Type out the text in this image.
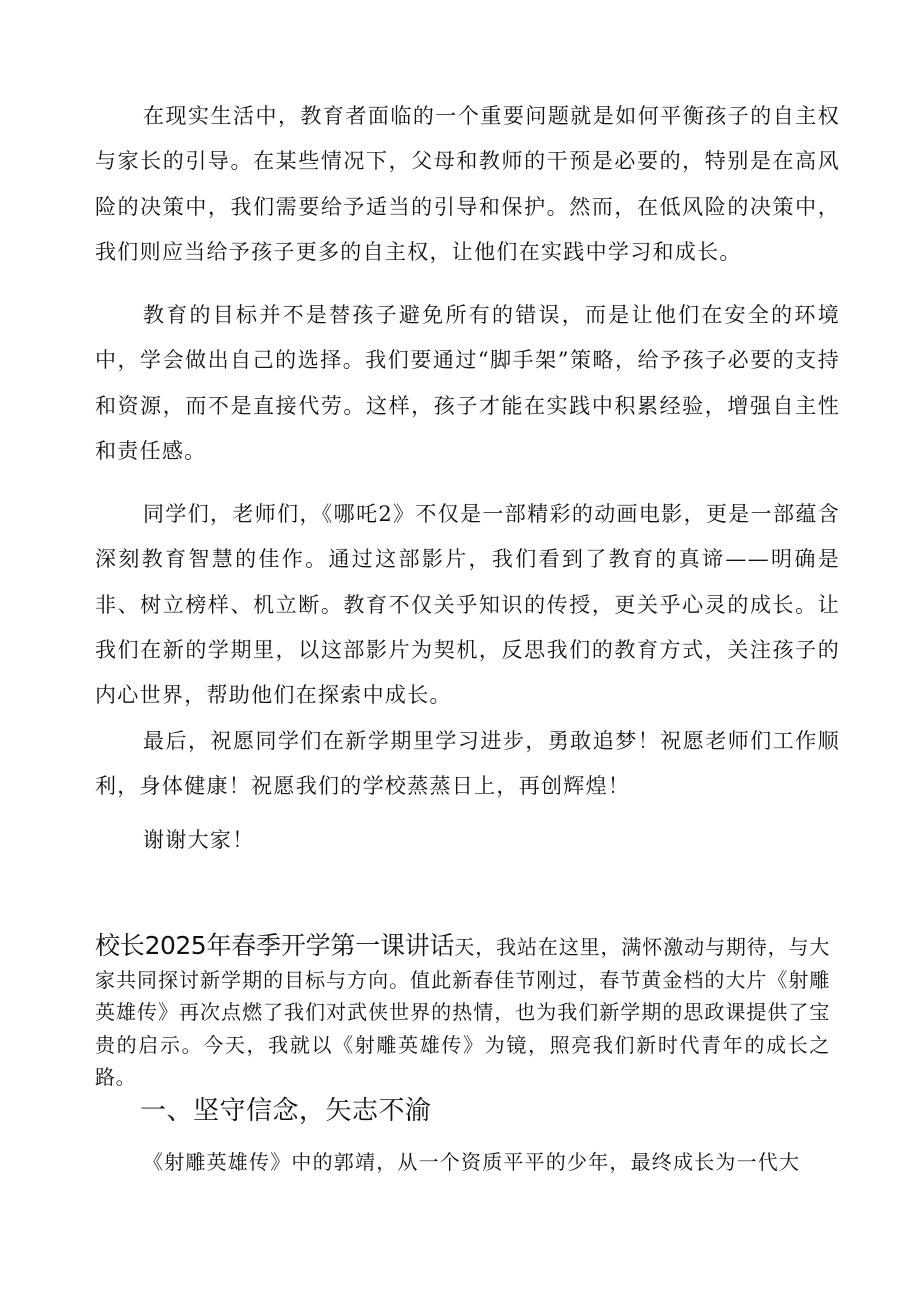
在现实生活中，教育者面临的一个重要问题就是如何平衡孩子的自主权与家长的引导。在某些情况下，父母和教师的干预是必要的，特别是在高风险的决策中，我们需要给予适当的引导和保护。然而，在低风险的决策中，我们则应当给予孩子更多的自主权，让他们在实践中学习和成长。

教育的目标并不是替孩子避免所有的错误，而是让他们在安全的环境中，学会做出自己的选择。我们要通过“脚手架”策略，给予孩子必要的支持和资源，而不是直接代劳。这样，孩子才能在实践中积累经验，增强自主性和责任感。

同学们，老师们，《哪吒2》不仅是一部精彩的动画电影，更是一部蕴含深刻教育智慧的佳作。通过这部影片，我们看到了教育的真谛——明确是非、树立榜样、机立断。教育不仅关乎知识的传授，更关乎心灵的成长。让我们在新的学期里，以这部影片为契机，反思我们的教育方式，关注孩子的内心世界，帮助他们在探索中成长。

最后，祝愿同学们在新学期里学习进步，勇敢追梦！祝愿老师们工作顺利，身体健康！祝愿我们的学校蒸蒸日上，再创辉煌！

谢谢大家！

校长2025年春季开学第一课讲话天，我站在这里，满怀激动与期待，与大家共同探讨新学期的目标与方向。值此新春佳节刚过，春节黄金档的大片《射雕英雄传》再次点燃了我们对武侠世界的热情，也为我们新学期的思政课提供了宝贵的启示。今天，我就以《射雕英雄传》为镜，照亮我们新时代青年的成长之路。

一、坚守信念，矢志不渝

《射雕英雄传》中的郭靖，从一个资质平平的少年，最终成长为一代大
